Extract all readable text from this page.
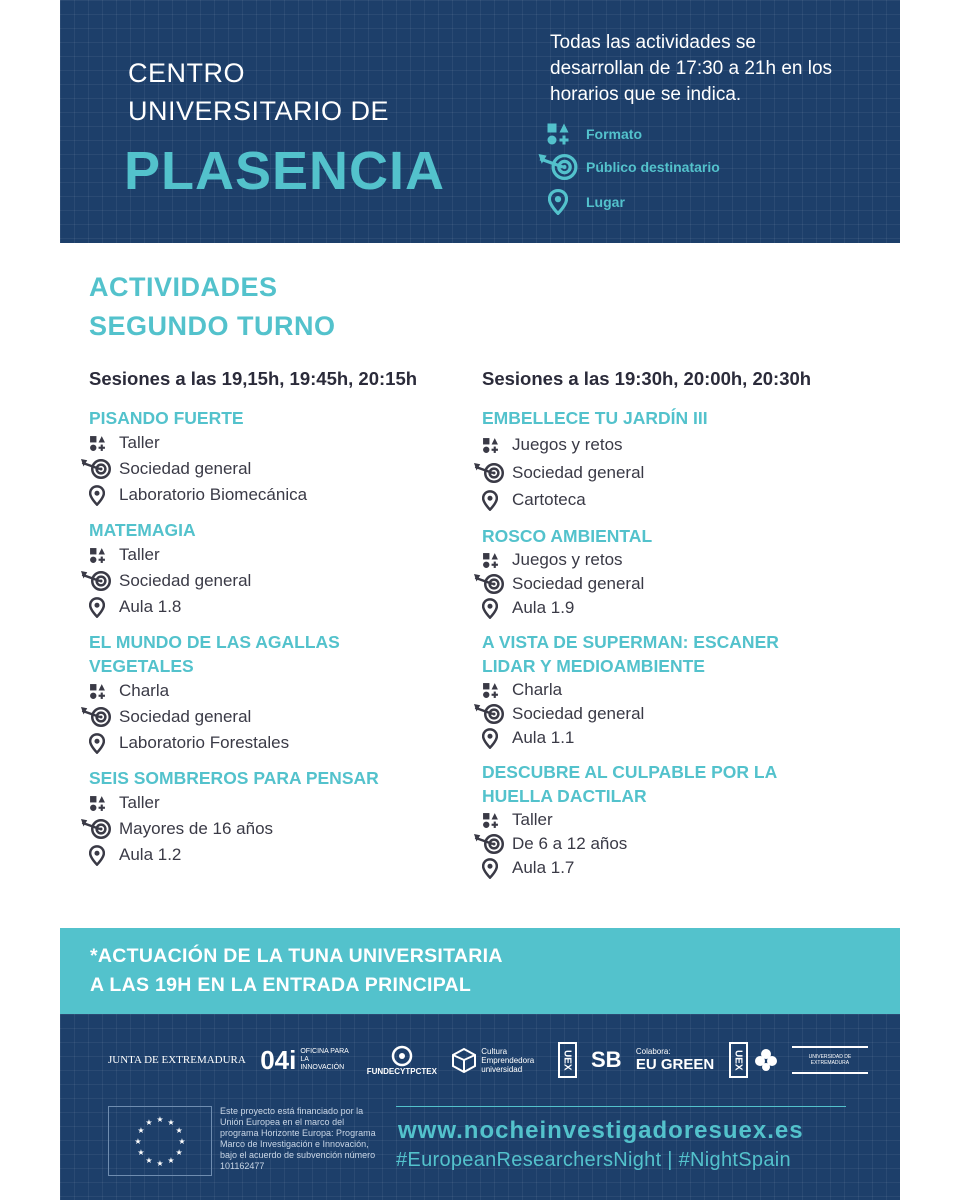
CENTRO
UNIVERSITARIO DE
PLASENCIA
Todas las actividades se desarrollan de 17:30 a 21h en los horarios que se indica.
Formato
Público destinatario
Lugar
ACTIVIDADES
SEGUNDO TURNO
Sesiones a las 19,15h, 19:45h, 20:15h
PISANDO FUERTE
Taller
Sociedad general
Laboratorio Biomecánica
MATEMAGIA
Taller
Sociedad general
Aula 1.8
EL MUNDO DE LAS AGALLAS VEGETALES
Charla
Sociedad general
Laboratorio Forestales
SEIS SOMBREROS PARA PENSAR
Taller
Mayores de 16 años
Aula 1.2
Sesiones a las 19:30h, 20:00h, 20:30h
EMBELLECE TU JARDÍN III
Juegos y retos
Sociedad general
Cartoteca
ROSCO AMBIENTAL
Juegos y retos
Sociedad general
Aula 1.9
A VISTA DE SUPERMAN: ESCANER LIDAR Y MEDIOAMBIENTE
Charla
Sociedad general
Aula 1.1
DESCUBRE AL CULPABLE POR LA HUELLA DACTILAR
Taller
De 6 a 12 años
Aula 1.7
*ACTUACIÓN DE LA TUNA UNIVERSITARIA
A LAS 19H EN LA ENTRADA PRINCIPAL
JUNTA DE EXTREMADURA 04i OFICINA PARA LA INNOVACIÓN	FUNDECYTPCTEX
Cultura Emprendedora universidad	UEX SB Colabora:
EU GREEN	UEX	UNIVERSIDAD DE EXTREMADURA
★ ★
★
★
★
★
★
★
★
★
★
★
Este proyecto está financiado por la Unión Europea en el marco del programa Horizonte Europa: Programa Marco de Investigación e Innovación, bajo el acuerdo de subvención número 101162477
www.nocheinvestigadoresuex.es
#EuropeanResearchersNight | #NightSpain
